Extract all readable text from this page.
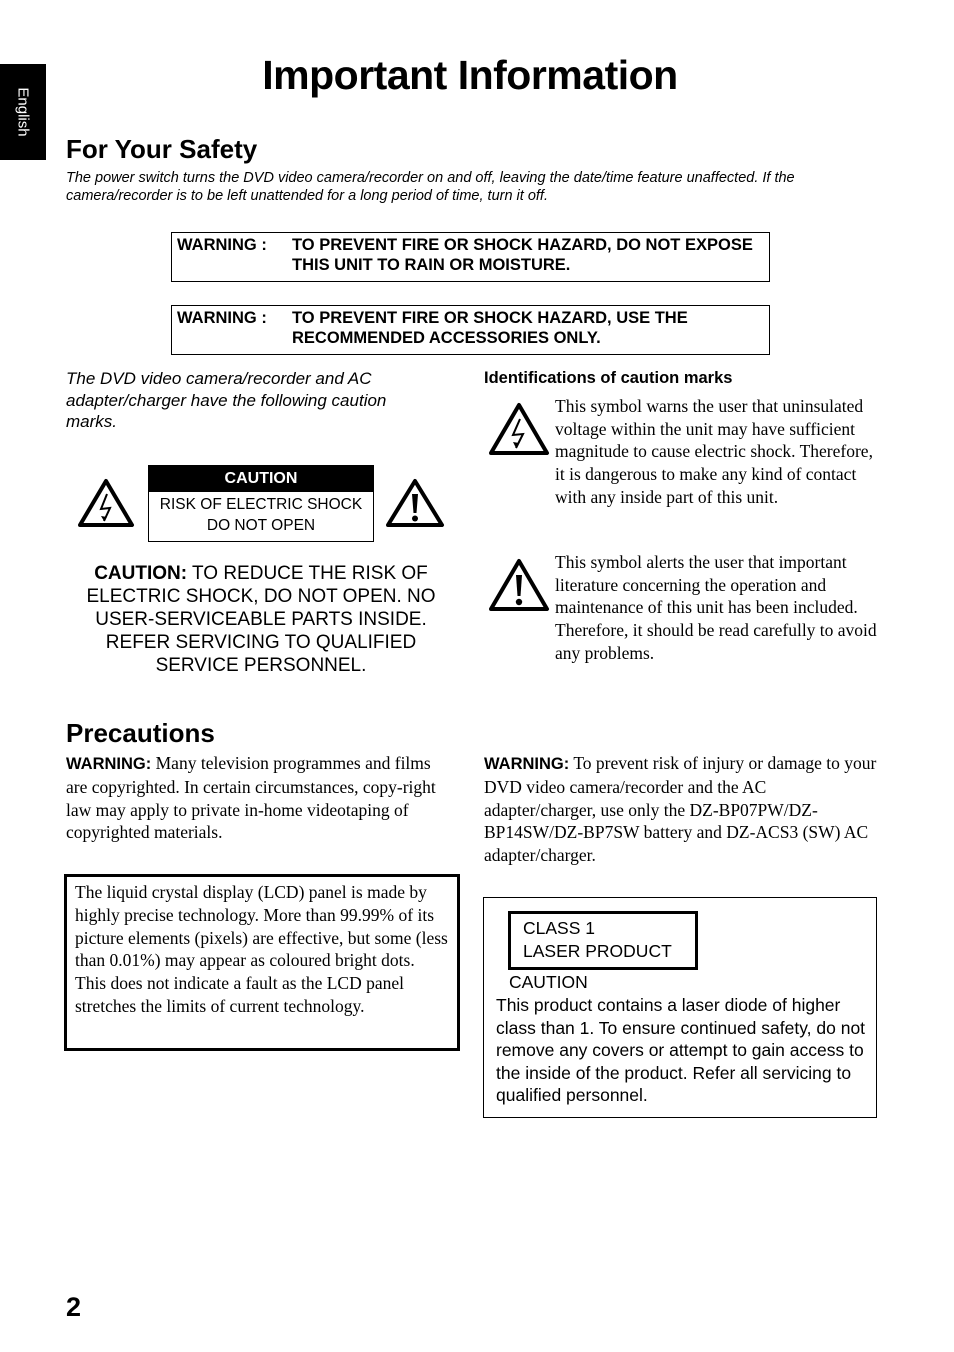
English
Important Information
For Your Safety
The power switch turns the DVD video camera/recorder on and off, leaving the date/time feature unaffected. If the camera/recorder is to be left unattended for a long period of time, turn it off.
WARNING : TO PREVENT FIRE OR SHOCK HAZARD, DO NOT EXPOSE THIS UNIT TO RAIN OR MOISTURE.
WARNING : TO PREVENT FIRE OR SHOCK HAZARD, USE THE RECOMMENDED ACCESSORIES ONLY.
The DVD video camera/recorder and AC adapter/charger have the following caution marks.
CAUTION
RISK OF ELECTRIC SHOCK
DO NOT OPEN
CAUTION: TO REDUCE THE RISK OF ELECTRIC SHOCK, DO NOT OPEN. NO USER-SERVICEABLE PARTS INSIDE. REFER SERVICING TO QUALIFIED SERVICE PERSONNEL.
Identifications of caution marks
This symbol warns the user that uninsulated voltage within the unit may have sufficient magnitude to cause electric shock. Therefore, it is dangerous to make any kind of contact with any inside part of this unit.
This symbol alerts the user that important literature concerning the operation and maintenance of this unit has been included. Therefore, it should be read carefully to avoid any problems.
Precautions
WARNING: Many television programmes and films are copyrighted. In certain circumstances, copy-right law may apply to private in-home videotaping of copyrighted materials.
WARNING: To prevent risk of injury or damage to your DVD video camera/recorder and the AC adapter/charger, use only the DZ-BP07PW/DZ-BP14SW/DZ-BP7SW battery and DZ-ACS3 (SW) AC adapter/charger.
The liquid crystal display (LCD) panel is made by highly precise technology. More than 99.99% of its picture elements (pixels) are effective, but some (less than 0.01%) may appear as coloured bright dots. This does not indicate a fault as the LCD panel stretches the limits of current technology.
CLASS 1
LASER PRODUCT
CAUTION
This product contains a laser diode of higher class than 1. To ensure continued safety, do not remove any covers or attempt to gain access to the inside of the product. Refer all servicing to qualified personnel.
2
